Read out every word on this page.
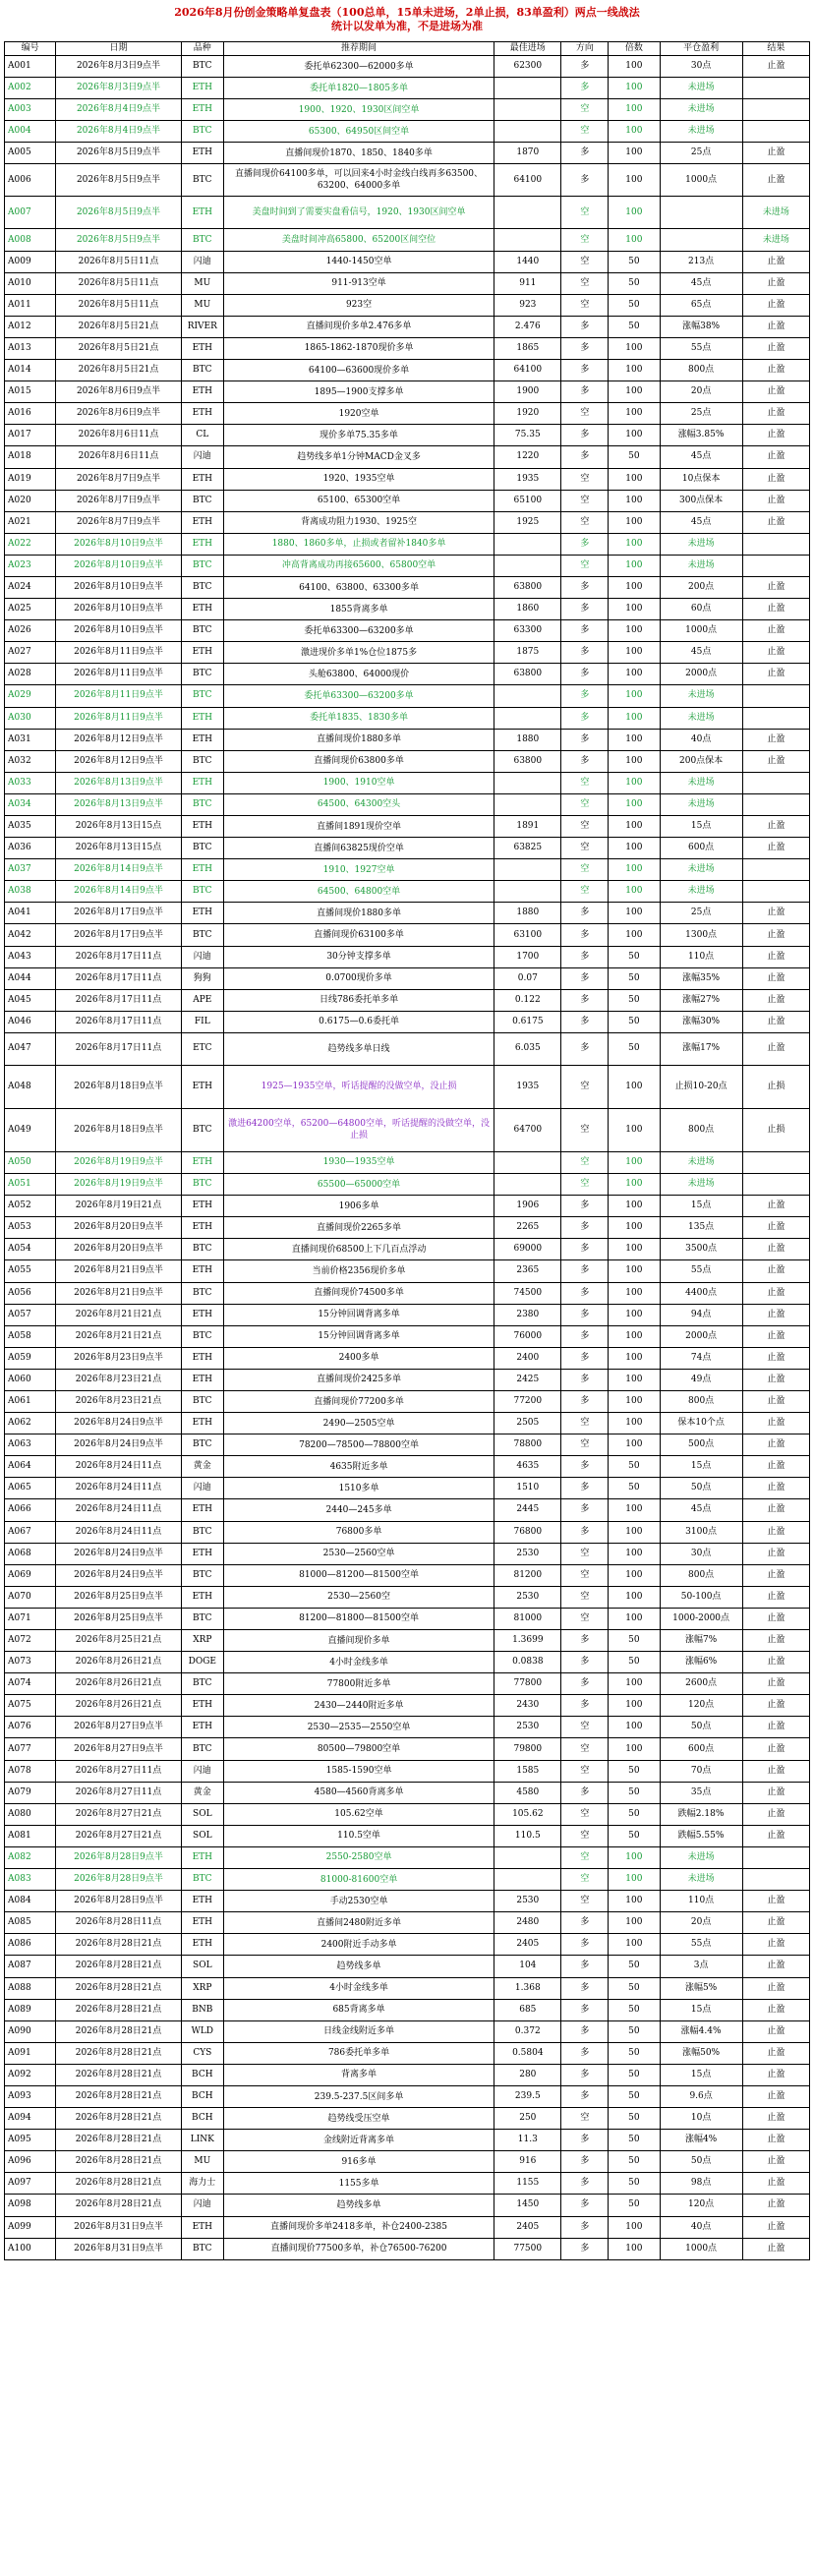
2026年8月份创金策略单复盘表（100总单，15单未进场，2单止损，83单盈利）两点一线战法
统计以发单为准，不是进场为准
编号	日期	品种	推荐期间	最佳进场	方向	倍数	平仓盈利	结果
A001	2026年8月3日9点半	BTC	委托单62300—62000多单	62300	多	100	30点	止盈
A002	2026年8月3日9点半	ETH	委托单1820—1805多单		多	100	未进场	
A003	2026年8月4日9点半	ETH	1900、1920、1930区间空单		空	100	未进场	
A004	2026年8月4日9点半	BTC	65300、64950区间空单		空	100	未进场	
A005	2026年8月5日9点半	ETH	直播间现价1870、1850、1840多单	1870	多	100	25点	止盈
A006	2026年8月5日9点半	BTC	直播间现价64100多单，可以回来4小时金线白线再多63500、63200、64000多单	64100	多	100	1000点	止盈
A007	2026年8月5日9点半	ETH	美盘时间到了需要实盘看信号，1920、1930区间空单		空	100		未进场
A008	2026年8月5日9点半	BTC	美盘时间冲高65800、65200区间空位		空	100		未进场
A009	2026年8月5日11点	闪迪	1440-1450空单	1440	空	50	213点	止盈
A010	2026年8月5日11点	MU	911-913空单	911	空	50	45点	止盈
A011	2026年8月5日11点	MU	923空	923	空	50	65点	止盈
A012	2026年8月5日21点	RIVER	直播间现价多单2.476多单	2.476	多	50	涨幅38%	止盈
A013	2026年8月5日21点	ETH	1865-1862-1870现价多单	1865	多	100	55点	止盈
A014	2026年8月5日21点	BTC	64100—63600现价多单	64100	多	100	800点	止盈
A015	2026年8月6日9点半	ETH	1895—1900支撑多单	1900	多	100	20点	止盈
A016	2026年8月6日9点半	ETH	1920空单	1920	空	100	25点	止盈
A017	2026年8月6日11点	CL	现价多单75.35多单	75.35	多	100	涨幅3.85%	止盈
A018	2026年8月6日11点	闪迪	趋势线多单1分钟MACD金叉多	1220	多	50	45点	止盈
A019	2026年8月7日9点半	ETH	1920、1935空单	1935	空	100	10点保本	止盈
A020	2026年8月7日9点半	BTC	65100、65300空单	65100	空	100	300点保本	止盈
A021	2026年8月7日9点半	ETH	背离成功阻力1930、1925空	1925	空	100	45点	止盈
A022	2026年8月10日9点半	ETH	1880、1860多单，止损或者留补1840多单		多	100	未进场	
A023	2026年8月10日9点半	BTC	冲高背离成功再接65600、65800空单		空	100	未进场	
A024	2026年8月10日9点半	BTC	64100、63800、63300多单	63800	多	100	200点	止盈
A025	2026年8月10日9点半	ETH	1855背离多单	1860	多	100	60点	止盈
A026	2026年8月10日9点半	BTC	委托单63300—63200多单	63300	多	100	1000点	止盈
A027	2026年8月11日9点半	ETH	激进现价多单1%仓位1875多	1875	多	100	45点	止盈
A028	2026年8月11日9点半	BTC	头舱63800、64000现价	63800	多	100	2000点	止盈
A029	2026年8月11日9点半	BTC	委托单63300—63200多单		多	100	未进场	
A030	2026年8月11日9点半	ETH	委托单1835、1830多单		多	100	未进场	
A031	2026年8月12日9点半	ETH	直播间现价1880多单	1880	多	100	40点	止盈
A032	2026年8月12日9点半	BTC	直播间现价63800多单	63800	多	100	200点保本	止盈
A033	2026年8月13日9点半	ETH	1900、1910空单		空	100	未进场	
A034	2026年8月13日9点半	BTC	64500、64300空头		空	100	未进场	
A035	2026年8月13日15点	ETH	直播间1891现价空单	1891	空	100	15点	止盈
A036	2026年8月13日15点	BTC	直播间63825现价空单	63825	空	100	600点	止盈
A037	2026年8月14日9点半	ETH	1910、1927空单		空	100	未进场	
A038	2026年8月14日9点半	BTC	64500、64800空单		空	100	未进场	
A041	2026年8月17日9点半	ETH	直播间现价1880多单	1880	多	100	25点	止盈
A042	2026年8月17日9点半	BTC	直播间现价63100多单	63100	多	100	1300点	止盈
A043	2026年8月17日11点	闪迪	30分钟支撑多单	1700	多	50	110点	止盈
A044	2026年8月17日11点	狗狗	0.0700现价多单	0.07	多	50	涨幅35%	止盈
A045	2026年8月17日11点	APE	日线786委托单多单	0.122	多	50	涨幅27%	止盈
A046	2026年8月17日11点	FIL	0.6175—0.6委托单	0.6175	多	50	涨幅30%	止盈
A047	2026年8月17日11点	ETC	趋势线多单日线	6.035	多	50	涨幅17%	止盈
A048	2026年8月18日9点半	ETH	1925—1935空单，听话提醒的没做空单，没止损	1935	空	100	止损10-20点	止损
A049	2026年8月18日9点半	BTC	激进64200空单，65200—64800空单，听话提醒的没做空单，没止损	64700	空	100	800点	止损
A050	2026年8月19日9点半	ETH	1930—1935空单		空	100	未进场	
A051	2026年8月19日9点半	BTC	65500—65000空单		空	100	未进场	
A052	2026年8月19日21点	ETH	1906多单	1906	多	100	15点	止盈
A053	2026年8月20日9点半	ETH	直播间现价2265多单	2265	多	100	135点	止盈
A054	2026年8月20日9点半	BTC	直播间现价68500上下几百点浮动	69000	多	100	3500点	止盈
A055	2026年8月21日9点半	ETH	当前价格2356现价多单	2365	多	100	55点	止盈
A056	2026年8月21日9点半	BTC	直播间现价74500多单	74500	多	100	4400点	止盈
A057	2026年8月21日21点	ETH	15分钟回调背离多单	2380	多	100	94点	止盈
A058	2026年8月21日21点	BTC	15分钟回调背离多单	76000	多	100	2000点	止盈
A059	2026年8月23日9点半	ETH	2400多单	2400	多	100	74点	止盈
A060	2026年8月23日21点	ETH	直播间现价2425多单	2425	多	100	49点	止盈
A061	2026年8月23日21点	BTC	直播间现价77200多单	77200	多	100	800点	止盈
A062	2026年8月24日9点半	ETH	2490—2505空单	2505	空	100	保本10个点	止盈
A063	2026年8月24日9点半	BTC	78200—78500—78800空单	78800	空	100	500点	止盈
A064	2026年8月24日11点	黄金	4635附近多单	4635	多	50	15点	止盈
A065	2026年8月24日11点	闪迪	1510多单	1510	多	50	50点	止盈
A066	2026年8月24日11点	ETH	2440—245多单	2445	多	100	45点	止盈
A067	2026年8月24日11点	BTC	76800多单	76800	多	100	3100点	止盈
A068	2026年8月24日9点半	ETH	2530—2560空单	2530	空	100	30点	止盈
A069	2026年8月24日9点半	BTC	81000—81200—81500空单	81200	空	100	800点	止盈
A070	2026年8月25日9点半	ETH	2530—2560空	2530	空	100	50-100点	止盈
A071	2026年8月25日9点半	BTC	81200—81800—81500空单	81000	空	100	1000-2000点	止盈
A072	2026年8月25日21点	XRP	直播间现价多单	1.3699	多	50	涨幅7%	止盈
A073	2026年8月26日21点	DOGE	4小时金线多单	0.0838	多	50	涨幅6%	止盈
A074	2026年8月26日21点	BTC	77800附近多单	77800	多	100	2600点	止盈
A075	2026年8月26日21点	ETH	2430—2440附近多单	2430	多	100	120点	止盈
A076	2026年8月27日9点半	ETH	2530—2535—2550空单	2530	空	100	50点	止盈
A077	2026年8月27日9点半	BTC	80500—79800空单	79800	空	100	600点	止盈
A078	2026年8月27日11点	闪迪	1585-1590空单	1585	空	50	70点	止盈
A079	2026年8月27日11点	黄金	4580—4560背离多单	4580	多	50	35点	止盈
A080	2026年8月27日21点	SOL	105.62空单	105.62	空	50	跌幅2.18%	止盈
A081	2026年8月27日21点	SOL	110.5空单	110.5	空	50	跌幅5.55%	止盈
A082	2026年8月28日9点半	ETH	2550-2580空单		空	100	未进场	
A083	2026年8月28日9点半	BTC	81000-81600空单		空	100	未进场	
A084	2026年8月28日9点半	ETH	手动2530空单	2530	空	100	110点	止盈
A085	2026年8月28日11点	ETH	直播间2480附近多单	2480	多	100	20点	止盈
A086	2026年8月28日21点	ETH	2400附近手动多单	2405	多	100	55点	止盈
A087	2026年8月28日21点	SOL	趋势线多单	104	多	50	3点	止盈
A088	2026年8月28日21点	XRP	4小时金线多单	1.368	多	50	涨幅5%	止盈
A089	2026年8月28日21点	BNB	685背离多单	685	多	50	15点	止盈
A090	2026年8月28日21点	WLD	日线金线附近多单	0.372	多	50	涨幅4.4%	止盈
A091	2026年8月28日21点	CYS	786委托单多单	0.5804	多	50	涨幅50%	止盈
A092	2026年8月28日21点	BCH	背离多单	280	多	50	15点	止盈
A093	2026年8月28日21点	BCH	239.5-237.5区间多单	239.5	多	50	9.6点	止盈
A094	2026年8月28日21点	BCH	趋势线受压空单	250	空	50	10点	止盈
A095	2026年8月28日21点	LINK	金线附近背离多单	11.3	多	50	涨幅4%	止盈
A096	2026年8月28日21点	MU	916多单	916	多	50	50点	止盈
A097	2026年8月28日21点	海力士	1155多单	1155	多	50	98点	止盈
A098	2026年8月28日21点	闪迪	趋势线多单	1450	多	50	120点	止盈
A099	2026年8月31日9点半	ETH	直播间现价多单2418多单，补仓2400-2385	2405	多	100	40点	止盈
A100	2026年8月31日9点半	BTC	直播间现价77500多单，补仓76500-76200	77500	多	100	1000点	止盈
